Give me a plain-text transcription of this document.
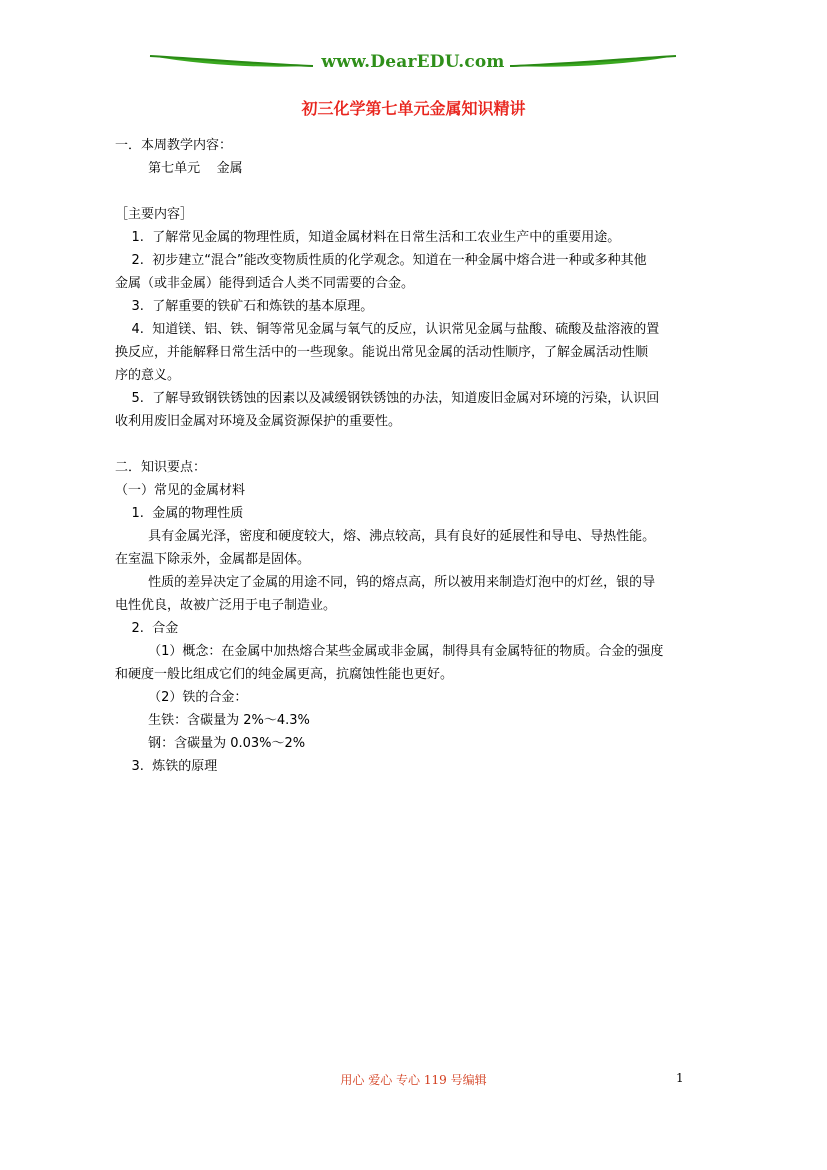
www.DearEDU.com
初三化学第七单元金属知识精讲

一．本周教学内容：

第七单元    金属

［主要内容］

1.  了解常见金属的物理性质，知道金属材料在日常生活和工农业生产中的重要用途。

2.  初步建立“混合”能改变物质性质的化学观念。知道在一种金属中熔合进一种或多种其他

金属（或非金属）能得到适合人类不同需要的合金。

3.  了解重要的铁矿石和炼铁的基本原理。

4.  知道镁、铝、铁、铜等常见金属与氧气的反应，认识常见金属与盐酸、硫酸及盐溶液的置

换反应，并能解释日常生活中的一些现象。能说出常见金属的活动性顺序，了解金属活动性顺

序的意义。

5.  了解导致钢铁锈蚀的因素以及减缓钢铁锈蚀的办法，知道废旧金属对环境的污染，认识回

收利用废旧金属对环境及金属资源保护的重要性。

二．知识要点：

（一）常见的金属材料

1.  金属的物理性质

具有金属光泽，密度和硬度较大，熔、沸点较高，具有良好的延展性和导电、导热性能。

在室温下除汞外，金属都是固体。

性质的差异决定了金属的用途不同，钨的熔点高，所以被用来制造灯泡中的灯丝，银的导

电性优良，故被广泛用于电子制造业。

2.  合金

（1）概念：在金属中加热熔合某些金属或非金属，制得具有金属特征的物质。合金的强度

和硬度一般比组成它们的纯金属更高，抗腐蚀性能也更好。

（2）铁的合金：

生铁：含碳量为 2%～4.3%

钢：含碳量为 0.03%～2%

3.  炼铁的原理

用心 爱心 专心 119 号编辑	1
